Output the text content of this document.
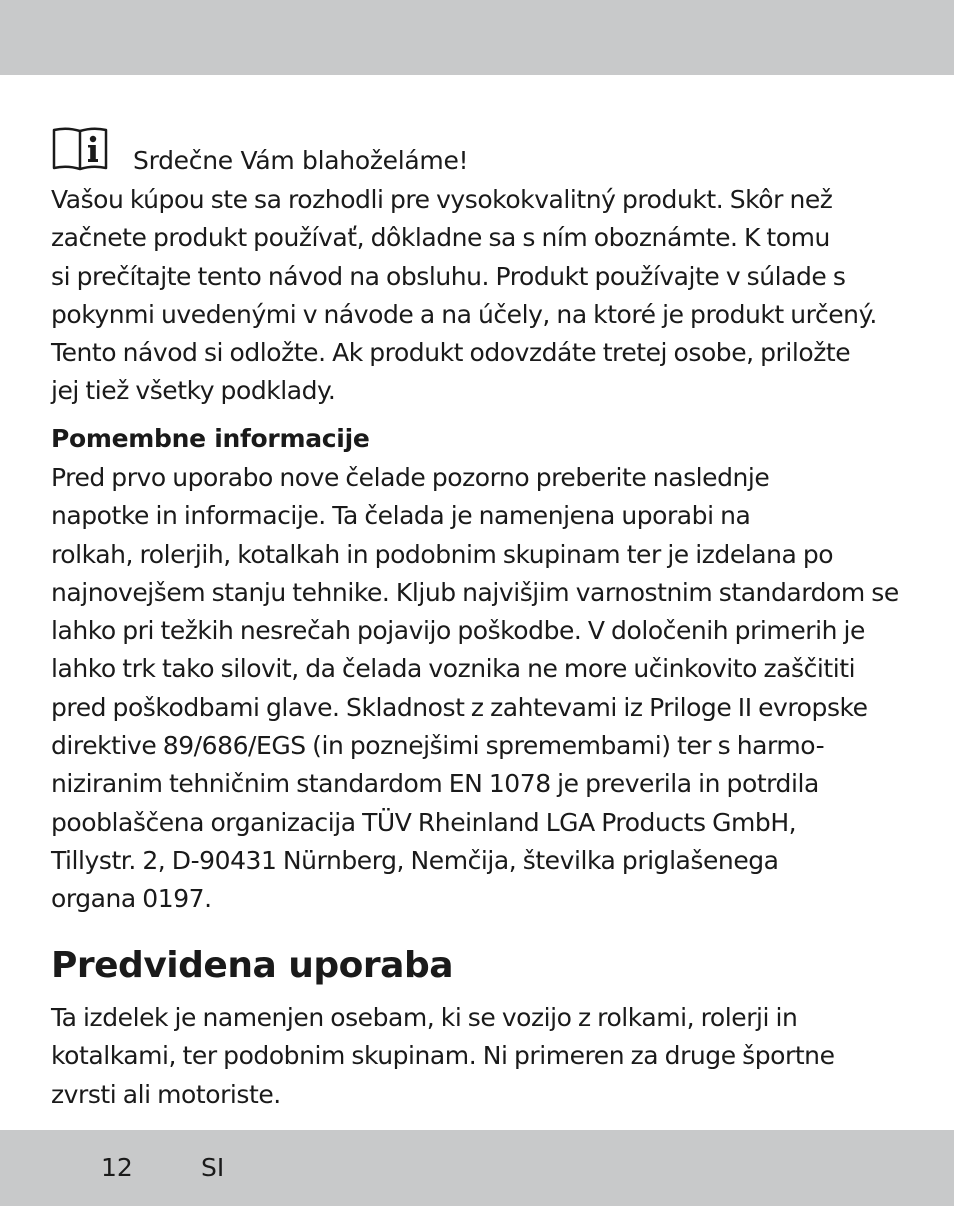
Srdečne Vám blahoželáme!

Vašou kúpou ste sa rozhodli pre vysokokvalitný produkt. Skôr než
začnete produkt používať, dôkladne sa s ním oboznámte. K tomu
si prečítajte tento návod na obsluhu. Produkt používajte v súlade s
pokynmi uvedenými v návode a na účely, na ktoré je produkt určený.
Tento návod si odložte. Ak produkt odovzdáte tretej osobe, priložte
jej tiež všetky podklady.

Pomembne informacije

Pred prvo uporabo nove čelade pozorno preberite naslednje
napotke in informacije. Ta čelada je namenjena uporabi na
rolkah, rolerjih, kotalkah in podobnim skupinam ter je izdelana po
najnovejšem stanju tehnike. Kljub najvišjim varnostnim standardom se
lahko pri težkih nesrečah pojavijo poškodbe. V določenih primerih je
lahko trk tako silovit, da čelada voznika ne more učinkovito zaščititi
pred poškodbami glave. Skladnost z zahtevami iz Priloge II evropske
direktive 89/686/EGS (in poznejšimi spremembami) ter s harmo-
niziranim tehničnim standardom EN 1078 je preverila in potrdila
pooblaščena organizacija TÜV Rheinland LGA Products GmbH,
Tillystr. 2, D-90431 Nürnberg, Nemčija, številka priglašenega
organa 0197.

Predvidena uporaba

Ta izdelek je namenjen osebam, ki se vozijo z rolkami, rolerji in
kotalkami, ter podobnim skupinam. Ni primeren za druge športne
zvrsti ali motoriste.

12	SI
